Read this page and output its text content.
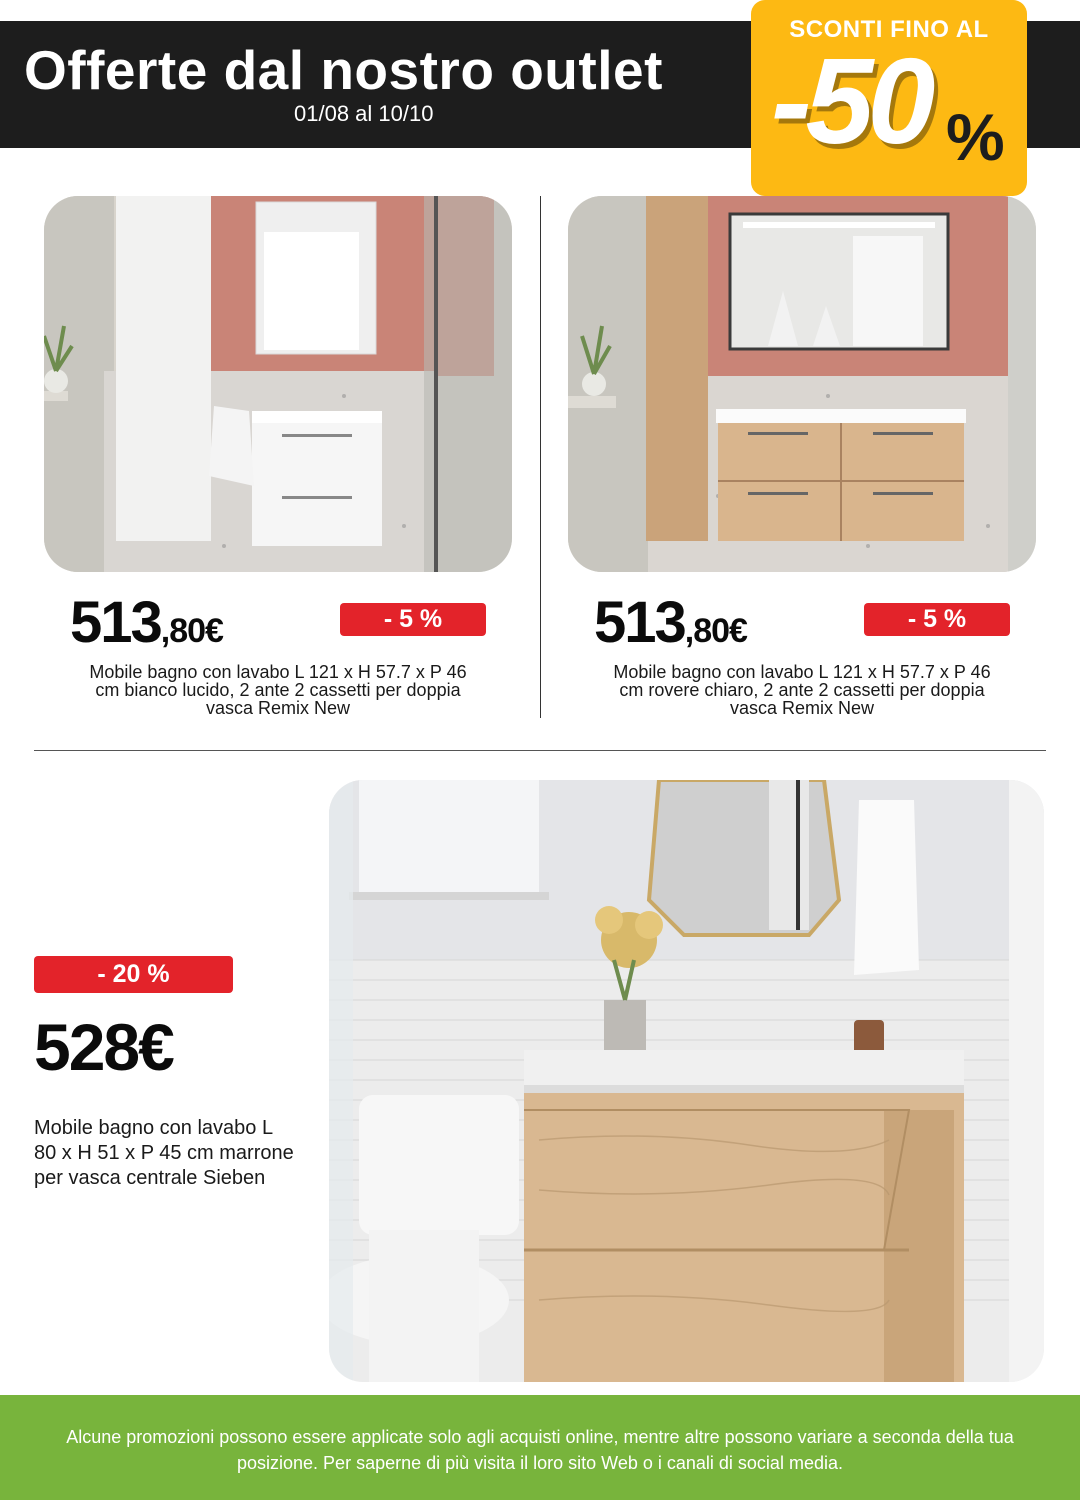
Offerte dal nostro outlet
01/08 al 10/10
SCONTI FINO AL
-50 %
513,80€	- 5 %
Mobile bagno con lavabo L 121 x H 57.7 x P 46 cm bianco lucido, 2 ante 2 cassetti per doppia vasca Remix New
513,80€	- 5 %
Mobile bagno con lavabo L 121 x H 57.7 x P 46 cm rovere chiaro, 2 ante 2 cassetti per doppia vasca Remix New
- 20 %
528€
Mobile bagno con lavabo L 80 x H 51 x P 45 cm marrone per vasca centrale Sieben
Alcune promozioni possono essere applicate solo agli acquisti online, mentre altre possono variare a seconda della tua posizione. Per saperne di più visita il loro sito Web o i canali di social media.
